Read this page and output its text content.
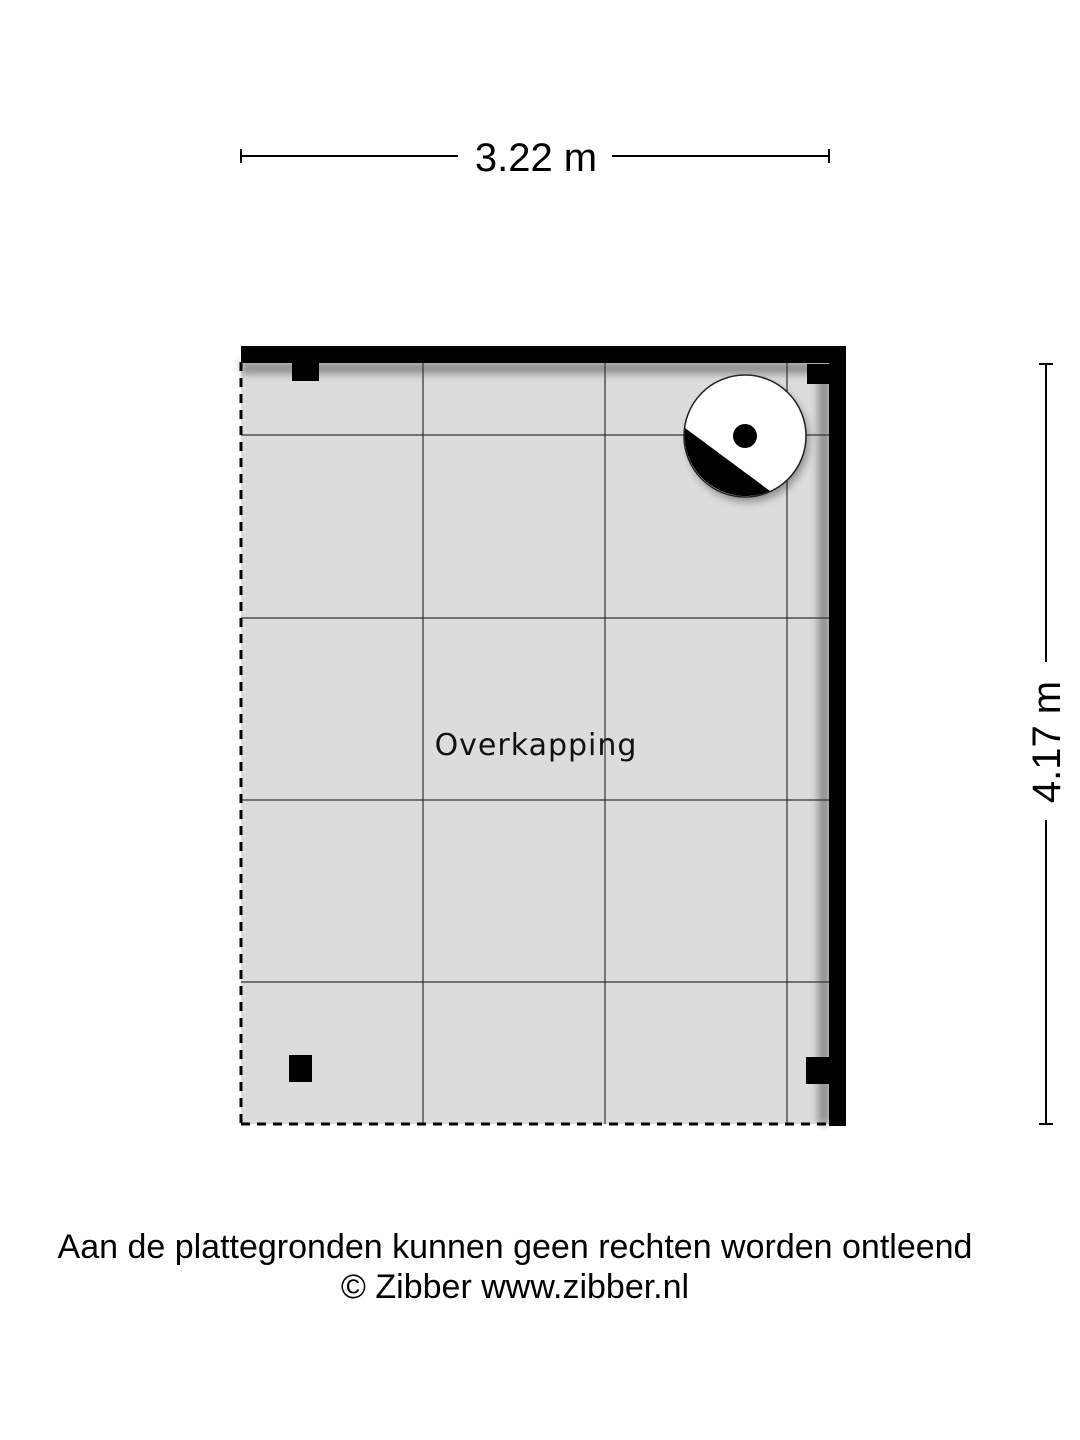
3.22 m
4.17 m
Overkapping
Aan de plattegronden kunnen geen rechten worden ontleend
© Zibber www.zibber.nl
